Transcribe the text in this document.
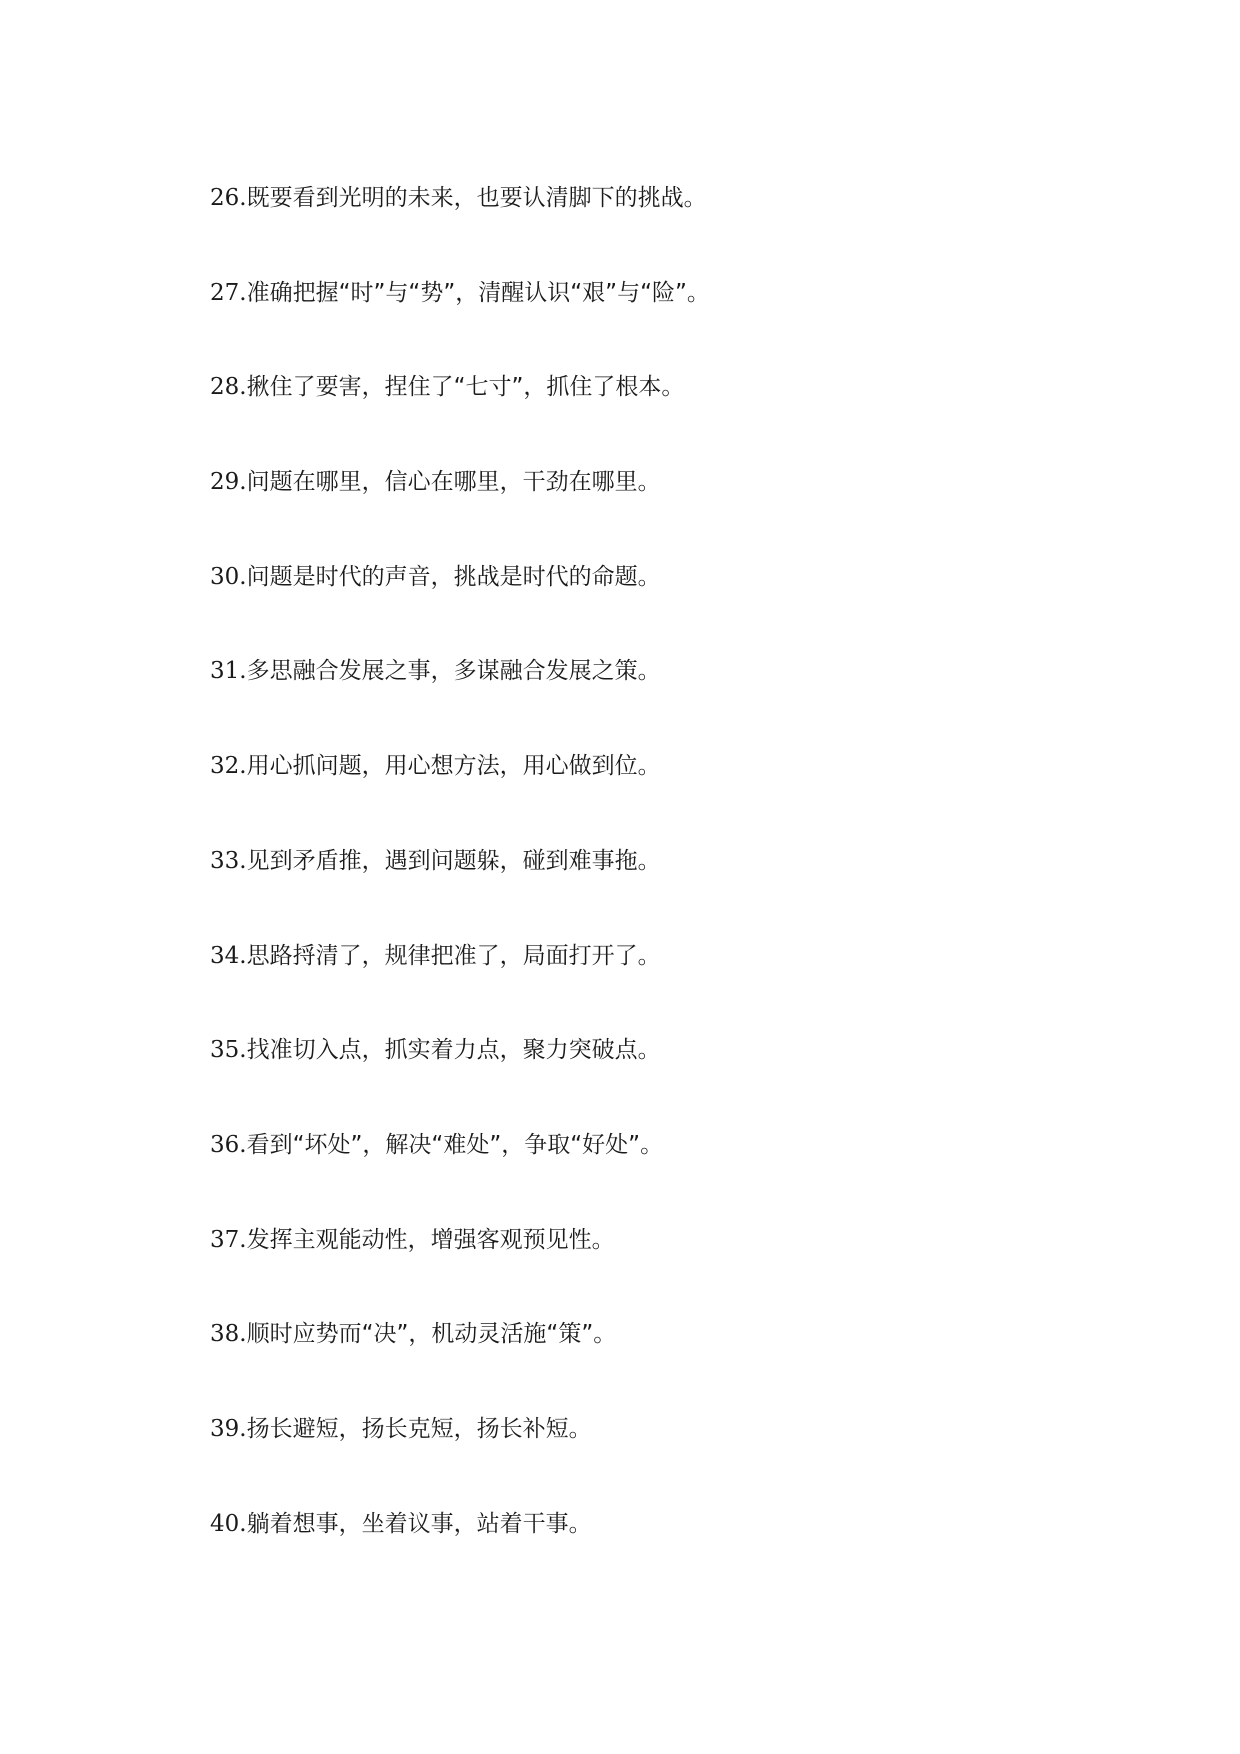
26.既要看到光明的未来，也要认清脚下的挑战。
27.准确把握“时”与“势”，清醒认识“艰”与“险”。
28.揪住了要害，捏住了“七寸”，抓住了根本。
29.问题在哪里，信心在哪里，干劲在哪里。
30.问题是时代的声音，挑战是时代的命题。
31.多思融合发展之事，多谋融合发展之策。
32.用心抓问题，用心想方法，用心做到位。
33.见到矛盾推，遇到问题躲，碰到难事拖。
34.思路捋清了，规律把准了，局面打开了。
35.找准切入点，抓实着力点，聚力突破点。
36.看到“坏处”，解决“难处”，争取“好处”。
37.发挥主观能动性，增强客观预见性。
38.顺时应势而“决”，机动灵活施“策”。
39.扬长避短，扬长克短，扬长补短。
40.躺着想事，坐着议事，站着干事。
